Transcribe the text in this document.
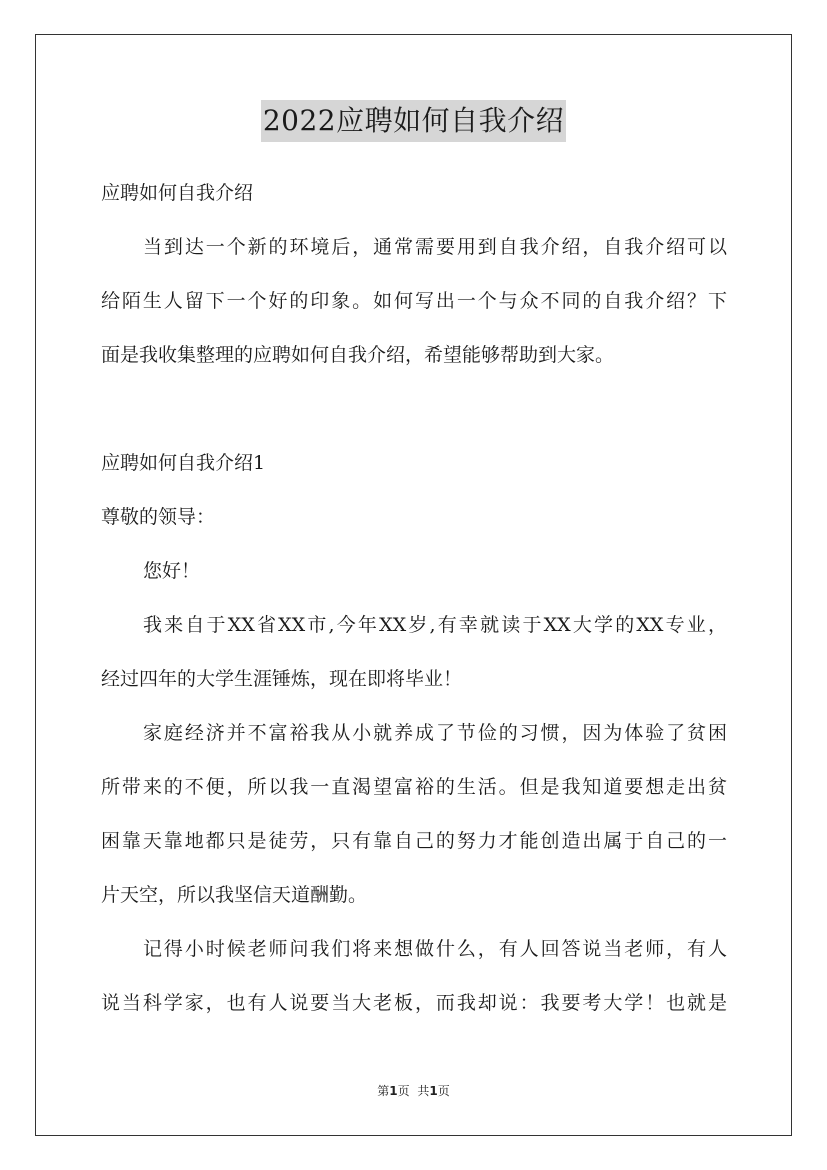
2022应聘如何自我介绍
应聘如何自我介绍
当到达一个新的环境后，通常需要用到自我介绍，自我介绍可以
给陌生人留下一个好的印象。如何写出一个与众不同的自我介绍？下
面是我收集整理的应聘如何自我介绍，希望能够帮助到大家。
应聘如何自我介绍1
尊敬的领导：
您好！
我来自于XX省XX市,今年XX岁,有幸就读于XX大学的XX专业，
经过四年的大学生涯锤炼，现在即将毕业！
家庭经济并不富裕我从小就养成了节俭的习惯，因为体验了贫困
所带来的不便，所以我一直渴望富裕的生活。但是我知道要想走出贫
困靠天靠地都只是徒劳，只有靠自己的努力才能创造出属于自己的一
片天空，所以我坚信天道酬勤。
记得小时候老师问我们将来想做什么，有人回答说当老师，有人
说当科学家，也有人说要当大老板，而我却说：我要考大学！也就是
第1页 共1页
